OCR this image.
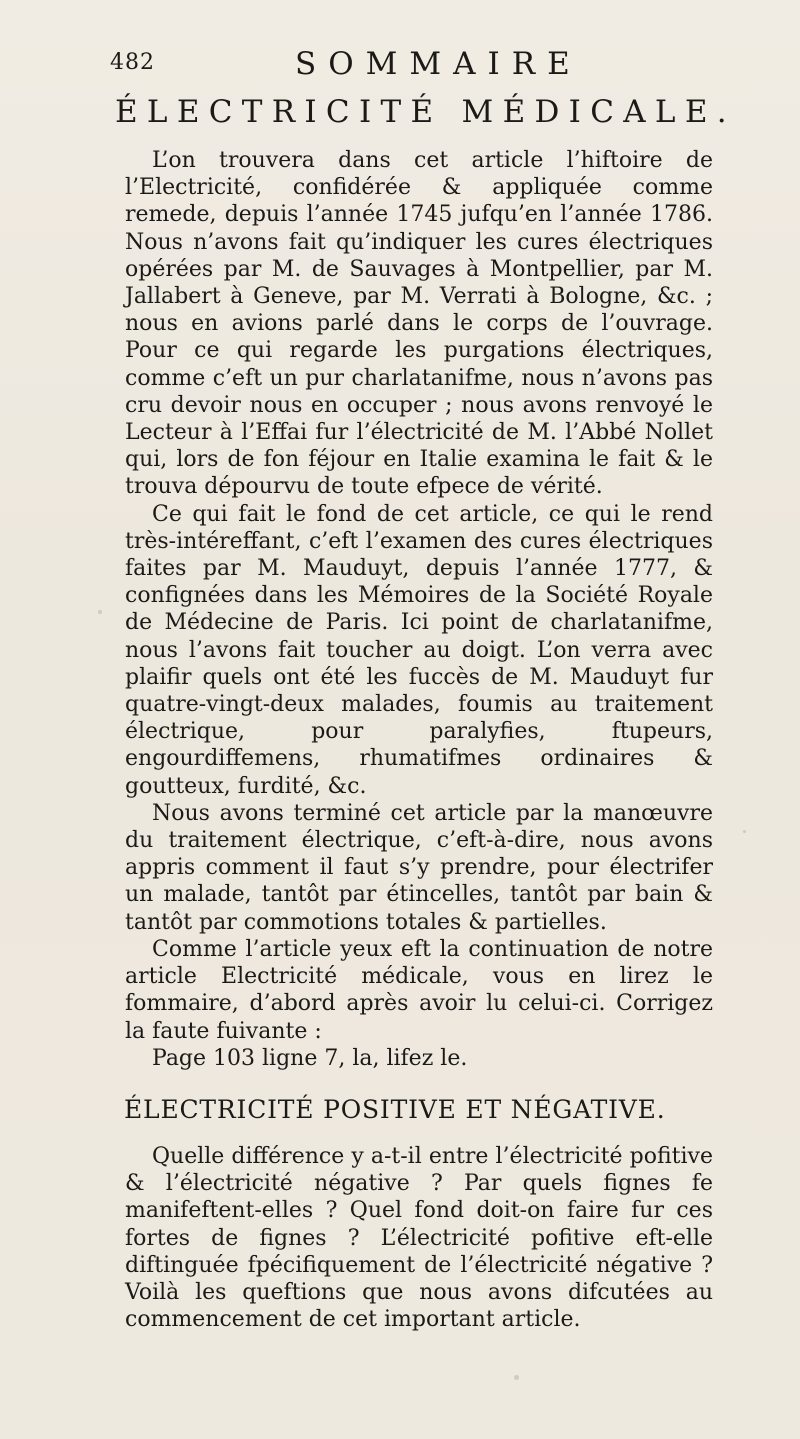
482	SOMMAIRE
ÉLECTRICITÉ MÉDICALE.

L’on trouvera dans cet article l’hiftoire de l’Electricité, confidérée & appliquée comme remede, depuis l’année 1745 jufqu’en l’année 1786. Nous n’avons fait qu’indiquer les cures électriques opérées par M. de Sauvages à Montpellier, par M. Jallabert à Geneve, par M. Verrati à Bologne, &c. ; nous en avions parlé dans le corps de l’ouvrage. Pour ce qui regarde les purgations électriques, comme c’eft un pur charlatanifme, nous n’avons pas cru devoir nous en occuper ; nous avons renvoyé le Lecteur à l’Effai fur l’électricité de M. l’Abbé Nollet qui, lors de fon féjour en Italie examina le fait & le trouva dépourvu de toute efpece de vérité.

Ce qui fait le fond de cet article, ce qui le rend très-intéreffant, c’eft l’examen des cures électriques faites par M. Mauduyt, depuis l’année 1777, & confignées dans les Mémoires de la Société Royale de Médecine de Paris. Ici point de charlatanifme, nous l’avons fait toucher au doigt. L’on verra avec plaifir quels ont été les fuccès de M. Mauduyt fur quatre-vingt-deux malades, foumis au traitement électrique, pour paralyfies, ftupeurs, engourdiffemens, rhumatifmes ordinaires & goutteux, furdité, &c.

Nous avons terminé cet article par la manœuvre du traitement électrique, c’eft-à-dire, nous avons appris comment il faut s’y prendre, pour électrifer un malade, tantôt par étincelles, tantôt par bain & tantôt par commotions totales & partielles.

Comme l’article yeux eft la continuation de notre article Electricité médicale, vous en lirez le fommaire, d’abord après avoir lu celui-ci. Corrigez la faute fuivante :

Page 103 ligne 7, la, lifez le.

ÉLECTRICITÉ POSITIVE ET NÉGATIVE.

Quelle différence y a-t-il entre l’électricité pofitive & l’électricité négative ? Par quels fignes fe manifeftent-elles ? Quel fond doit-on faire fur ces fortes de fignes ? L’électricité pofitive eft-elle diftinguée fpécifiquement de l’électricité négative ? Voilà les queftions que nous avons difcutées au commencement de cet important article.
